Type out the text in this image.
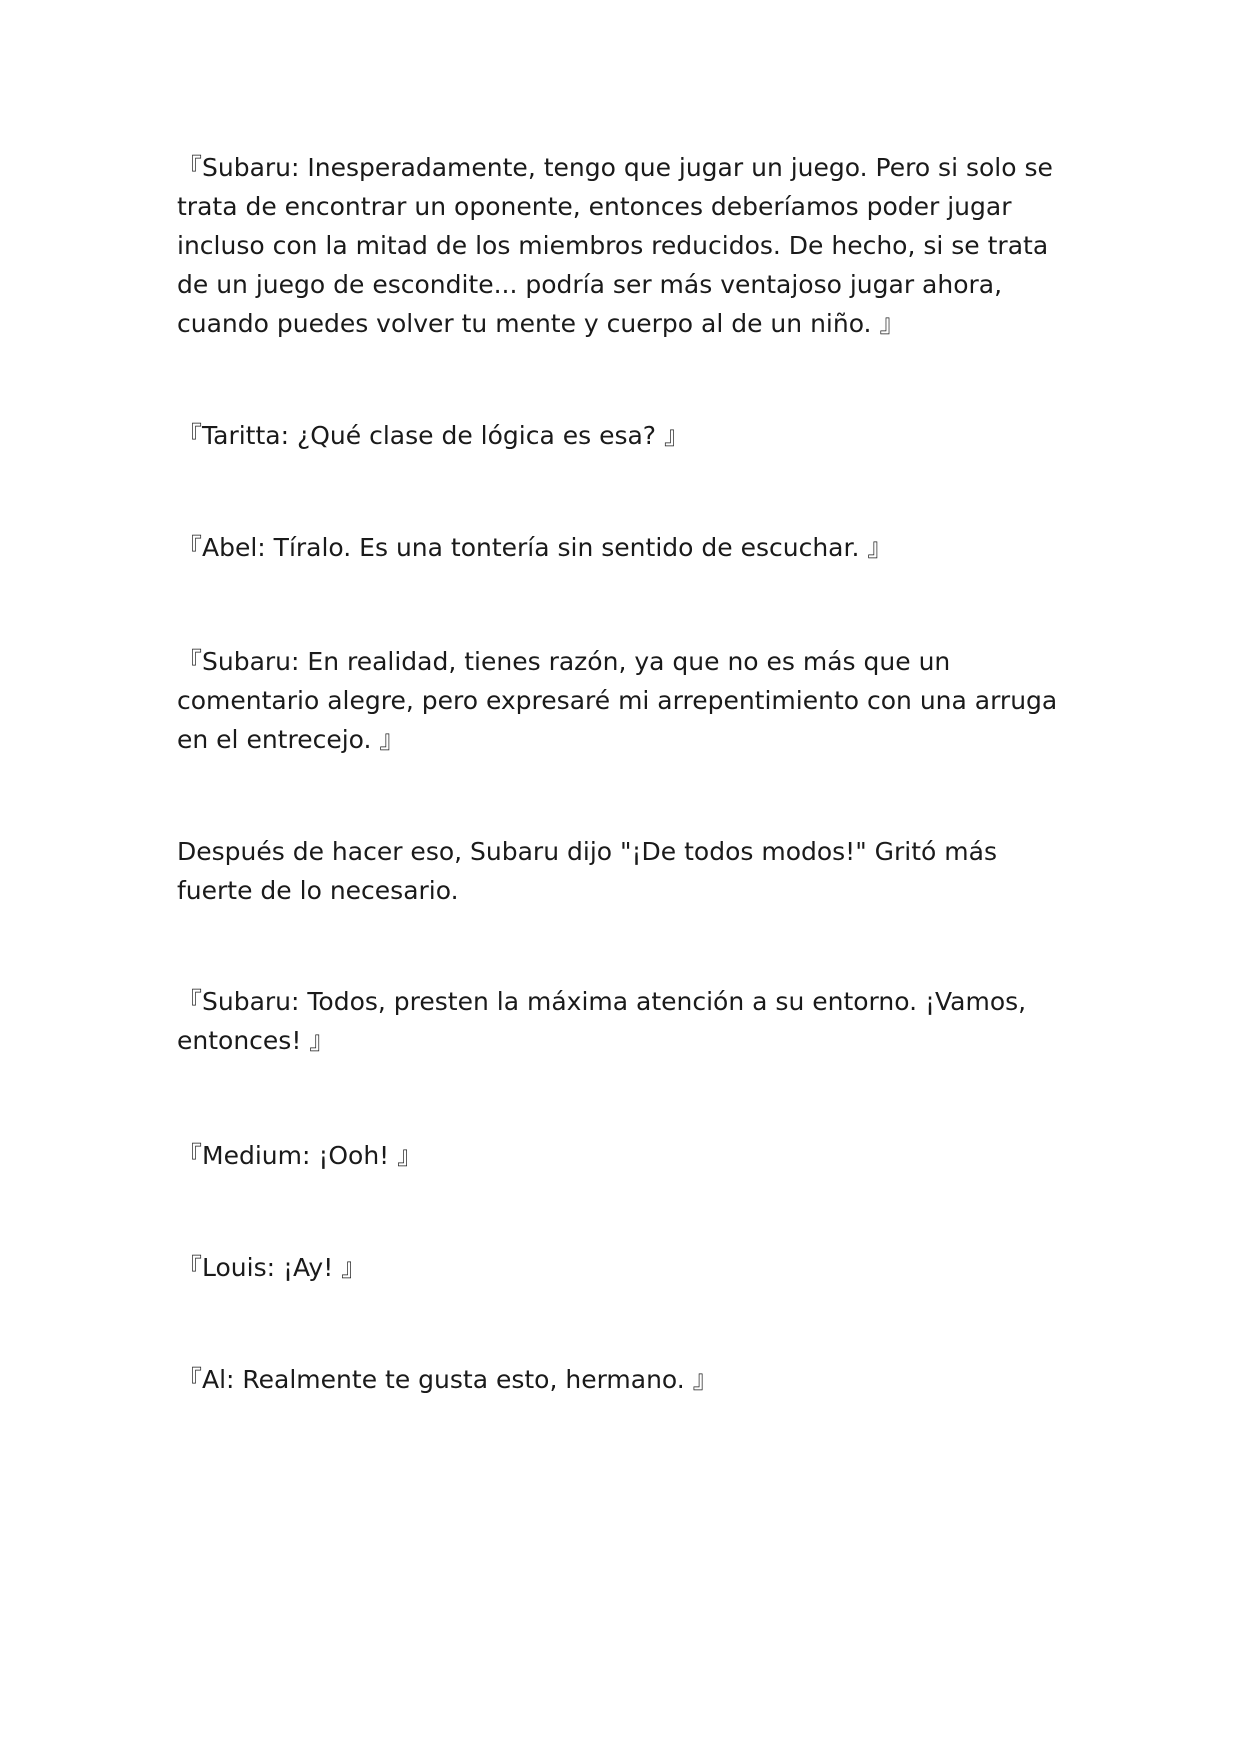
『Subaru: Inesperadamente, tengo que jugar un juego. Pero si solo se trata de encontrar un oponente, entonces deberíamos poder jugar incluso con la mitad de los miembros reducidos. De hecho, si se trata de un juego de escondite... podría ser más ventajoso jugar ahora, cuando puedes volver tu mente y cuerpo al de un niño. 』

『Taritta: ¿Qué clase de lógica es esa? 』

『Abel: Tíralo. Es una tontería sin sentido de escuchar. 』

『Subaru: En realidad, tienes razón, ya que no es más que un comentario alegre, pero expresaré mi arrepentimiento con una arruga en el entrecejo. 』

Después de hacer eso, Subaru dijo "¡De todos modos!" Gritó más fuerte de lo necesario.

『Subaru: Todos, presten la máxima atención a su entorno. ¡Vamos, entonces! 』

『Medium: ¡Ooh! 』

『Louis: ¡Ay! 』

『Al: Realmente te gusta esto, hermano. 』
